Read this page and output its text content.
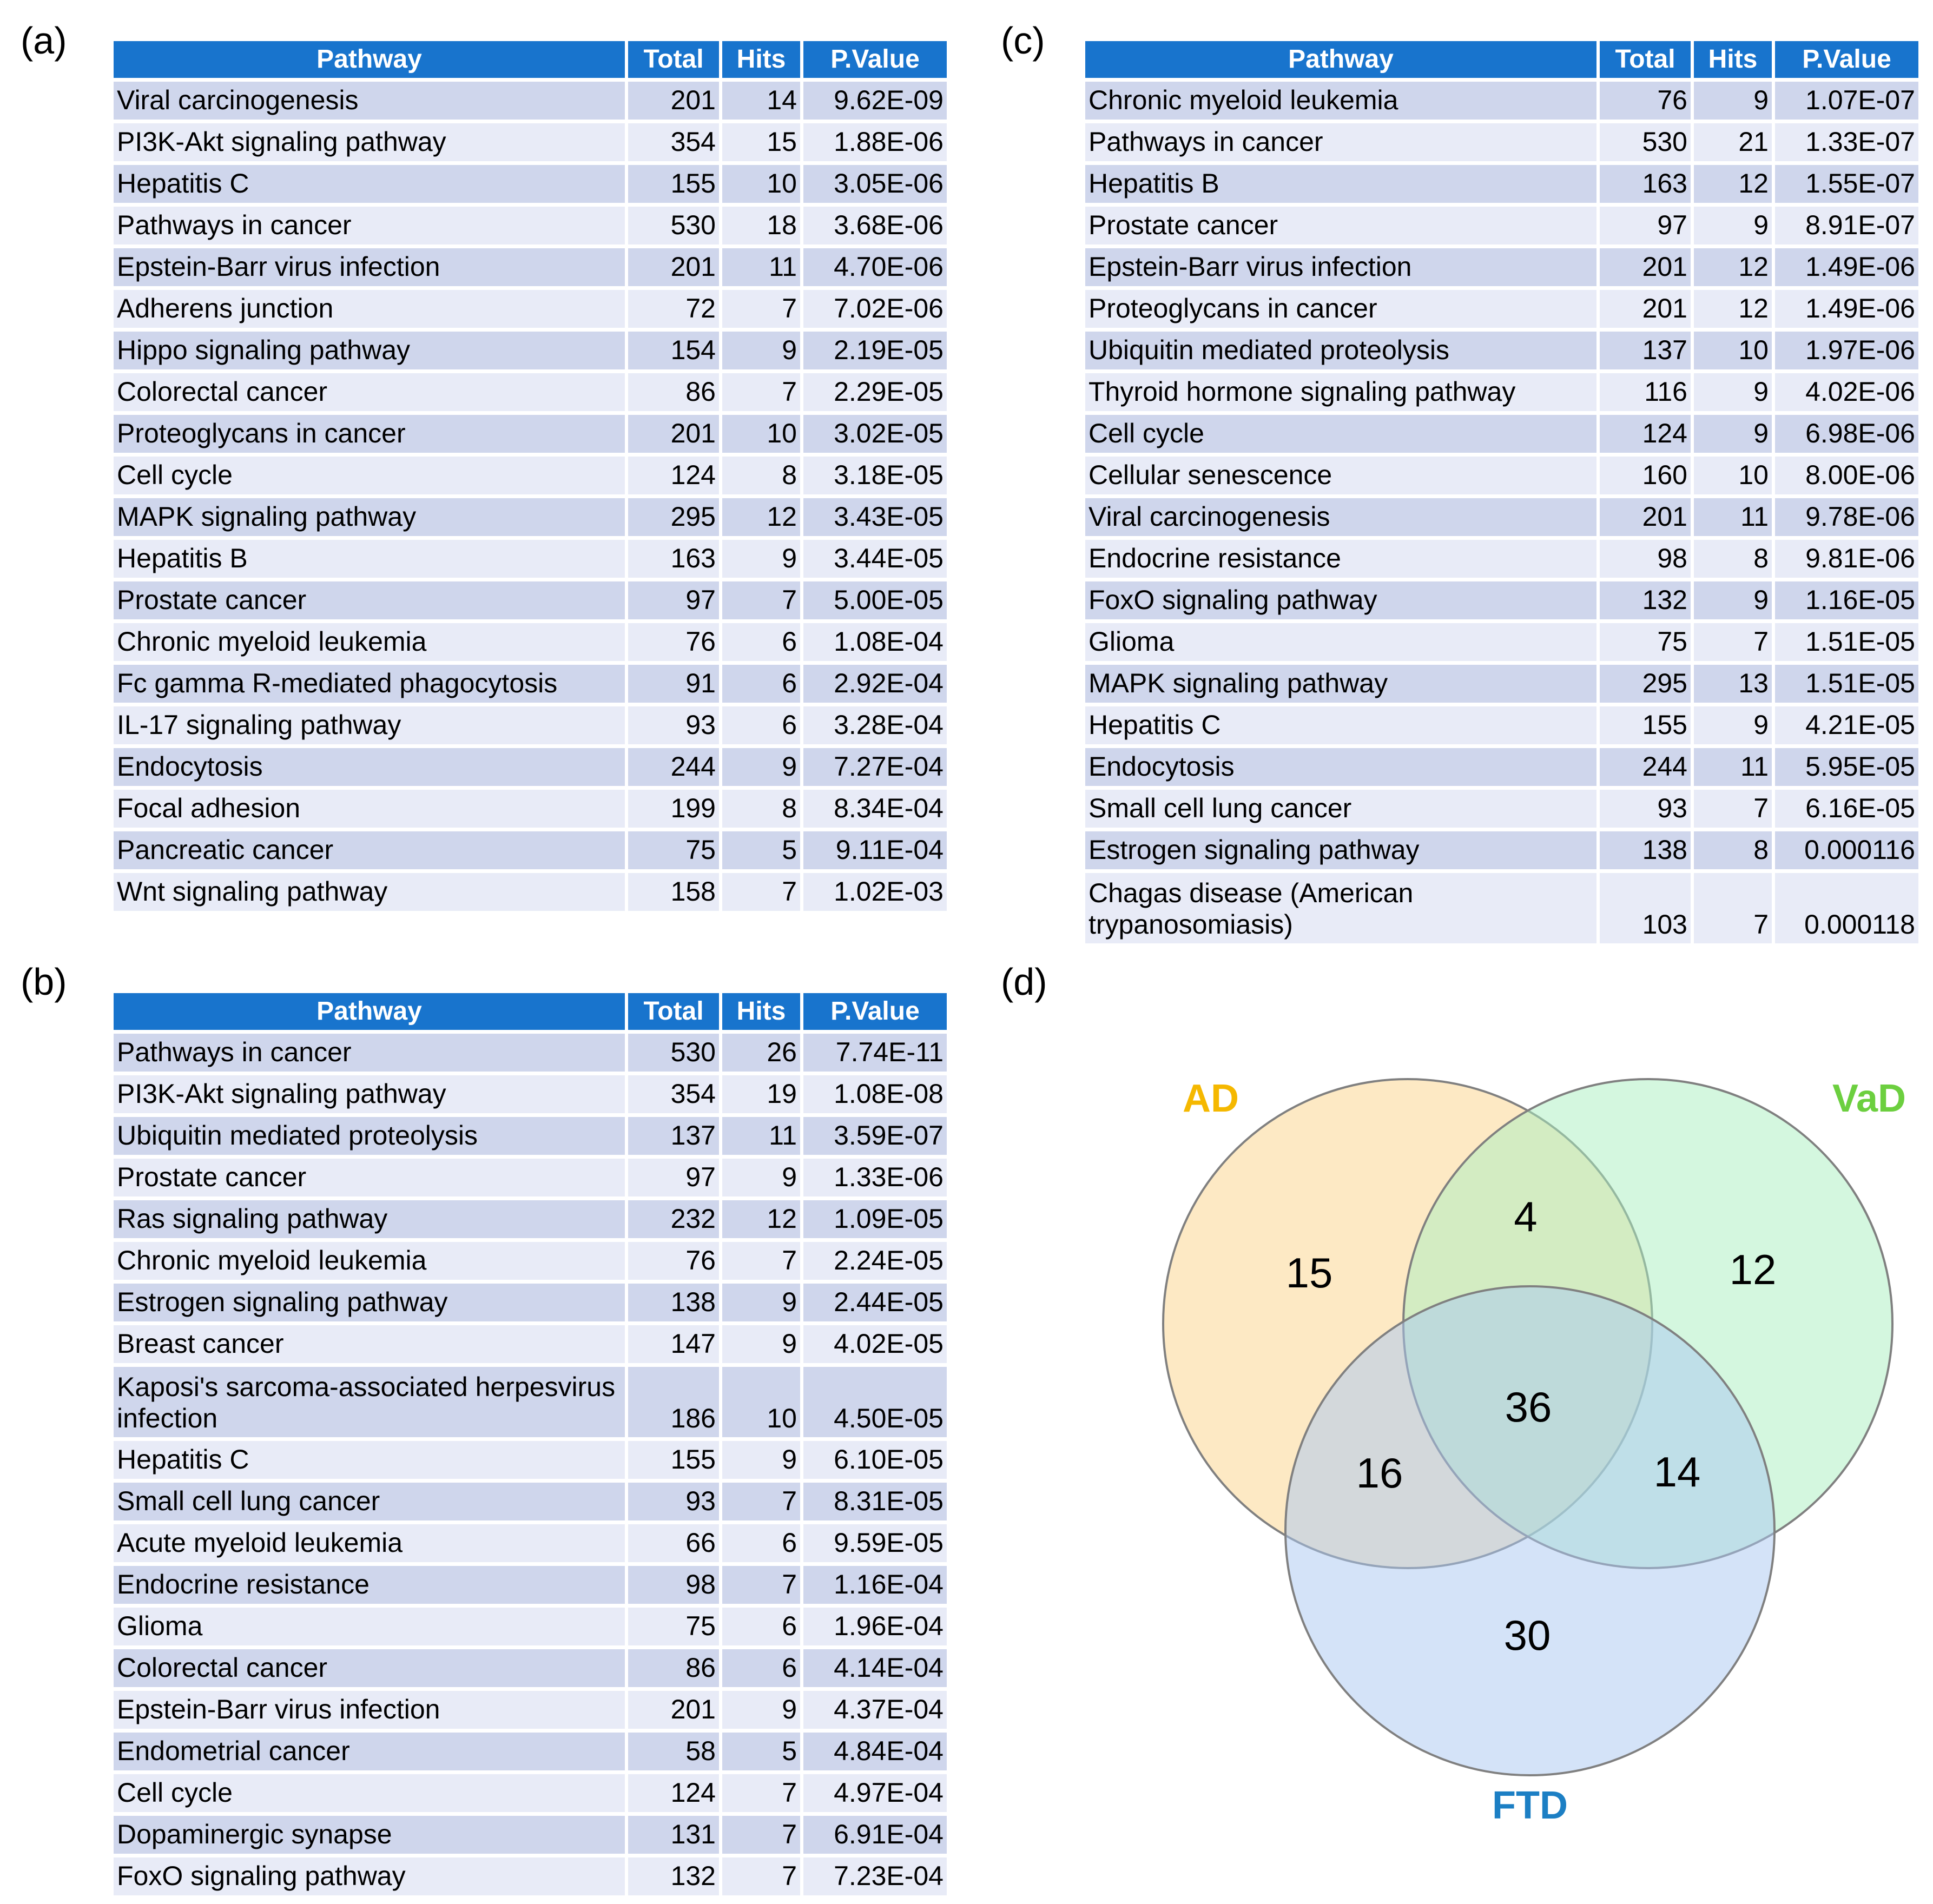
(a)	(c)
(b)	(d)
Pathway	Total	Hits	P.Value
Viral carcinogenesis	201	14	9.62E-09
PI3K-Akt signaling pathway	354	15	1.88E-06
Hepatitis C	155	10	3.05E-06
Pathways in cancer	530	18	3.68E-06
Epstein-Barr virus infection	201	11	4.70E-06
Adherens junction	72	7	7.02E-06
Hippo signaling pathway	154	9	2.19E-05
Colorectal cancer	86	7	2.29E-05
Proteoglycans in cancer	201	10	3.02E-05
Cell cycle	124	8	3.18E-05
MAPK signaling pathway	295	12	3.43E-05
Hepatitis B	163	9	3.44E-05
Prostate cancer	97	7	5.00E-05
Chronic myeloid leukemia	76	6	1.08E-04
Fc gamma R-mediated phagocytosis	91	6	2.92E-04
IL-17 signaling pathway	93	6	3.28E-04
Endocytosis	244	9	7.27E-04
Focal adhesion	199	8	8.34E-04
Pancreatic cancer	75	5	9.11E-04
Wnt signaling pathway	158	7	1.02E-03
Pathway	Total	Hits	P.Value
Chronic myeloid leukemia	76	9	1.07E-07
Pathways in cancer	530	21	1.33E-07
Hepatitis B	163	12	1.55E-07
Prostate cancer	97	9	8.91E-07
Epstein-Barr virus infection	201	12	1.49E-06
Proteoglycans in cancer	201	12	1.49E-06
Ubiquitin mediated proteolysis	137	10	1.97E-06
Thyroid hormone signaling pathway	116	9	4.02E-06
Cell cycle	124	9	6.98E-06
Cellular senescence	160	10	8.00E-06
Viral carcinogenesis	201	11	9.78E-06
Endocrine resistance	98	8	9.81E-06
FoxO signaling pathway	132	9	1.16E-05
Glioma	75	7	1.51E-05
MAPK signaling pathway	295	13	1.51E-05
Hepatitis C	155	9	4.21E-05
Endocytosis	244	11	5.95E-05
Small cell lung cancer	93	7	6.16E-05
Estrogen signaling pathway	138	8	0.000116
Chagas disease (American trypanosomiasis)	103	7	0.000118
Pathway	Total	Hits	P.Value
Pathways in cancer	530	26	7.74E-11
PI3K-Akt signaling pathway	354	19	1.08E-08
Ubiquitin mediated proteolysis	137	11	3.59E-07
Prostate cancer	97	9	1.33E-06
Ras signaling pathway	232	12	1.09E-05
Chronic myeloid leukemia	76	7	2.24E-05
Estrogen signaling pathway	138	9	2.44E-05
Breast cancer	147	9	4.02E-05
Kaposi's sarcoma-associated herpesvirus infection	186	10	4.50E-05
Hepatitis C	155	9	6.10E-05
Small cell lung cancer	93	7	8.31E-05
Acute myeloid leukemia	66	6	9.59E-05
Endocrine resistance	98	7	1.16E-04
Glioma	75	6	1.96E-04
Colorectal cancer	86	6	4.14E-04
Epstein-Barr virus infection	201	9	4.37E-04
Endometrial cancer	58	5	4.84E-04
Cell cycle	124	7	4.97E-04
Dopaminergic synapse	131	7	6.91E-04
FoxO signaling pathway	132	7	7.23E-04
AD	VaD
FTD
15	12
30
4
16	14
36
